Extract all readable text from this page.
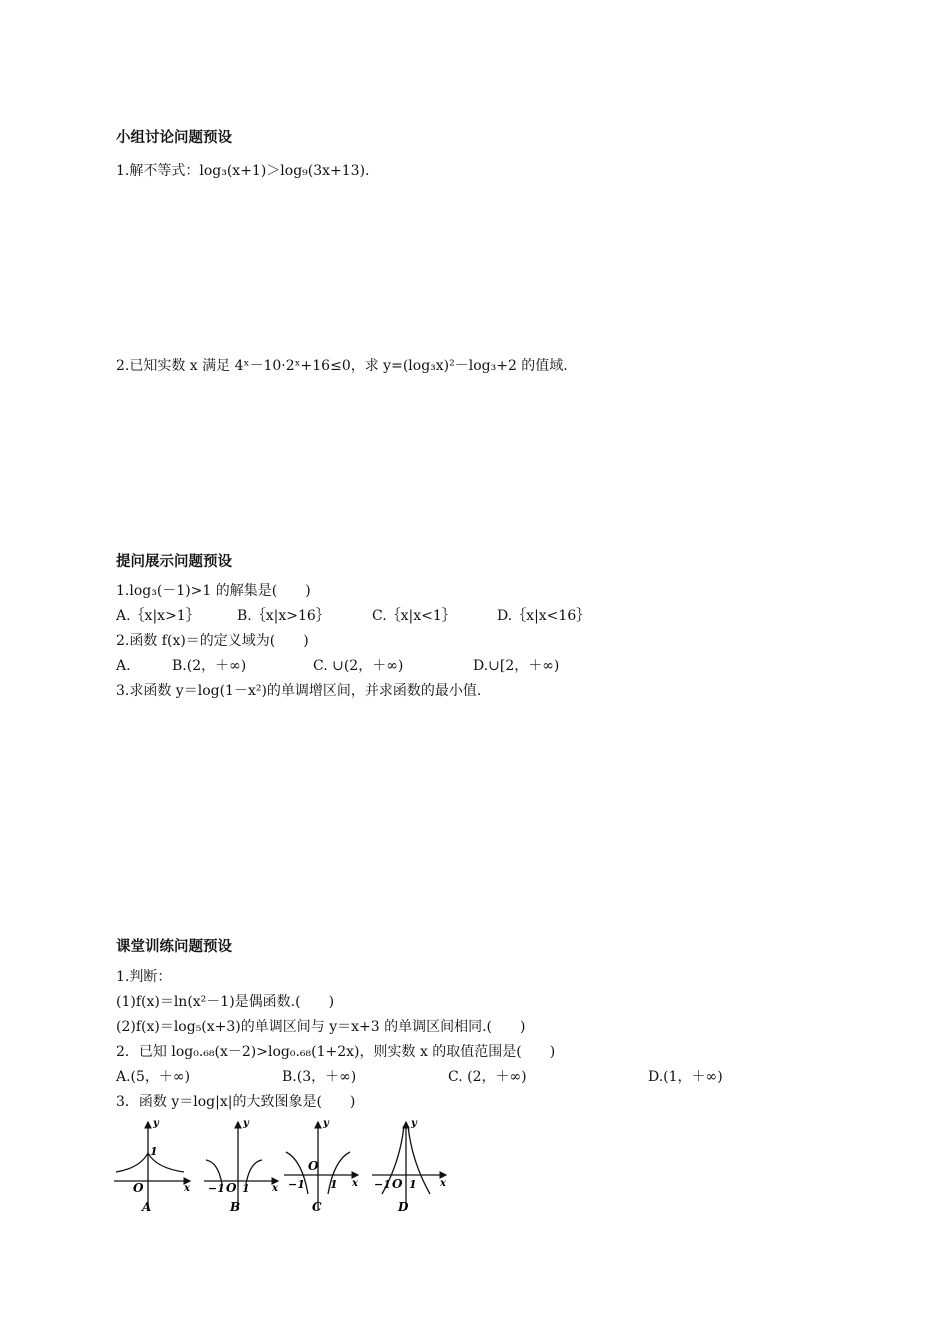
小组讨论问题预设
1.解不等式：log₃(x+1)＞log₉(3x+13).
2.已知实数 x 满足 4ˣ－10·2ˣ+16≤0，求 y=(log₃x)²－log₃+2 的值域.
提问展示问题预设
1.log₃(－1)>1 的解集是(　　)
A.｛x|x>1｝	B.｛x|x>16｝	C.｛x|x<1｝	D.｛x|x<16｝
2.函数 f(x)＝的定义域为(　　)
A.	B.(2，＋∞)	C. ∪(2，＋∞)	D.∪[2，＋∞)
3.求函数 y＝log(1－x²)的单调增区间，并求函数的最小值.
课堂训练问题预设
1.判断：
(1)f(x)＝ln(x²－1)是偶函数.(　　)
(2)f(x)＝log₅(x+3)的单调区间与 y＝x+3 的单调区间相同.(　　)
2．已知 log₀.₆₈(x－2)>log₀.₆₈(1+2x)，则实数 x 的取值范围是(　　)
A.(5，＋∞)	B.(3，＋∞)	C. (2，＋∞)	D.(1，＋∞)
3．函数 y＝log|x|的大致图象是(　　)
y
1
O	x
A
y
−1 O 1 x
B
y
O
−1 1 x
C
y
−1 O 1 x
D
